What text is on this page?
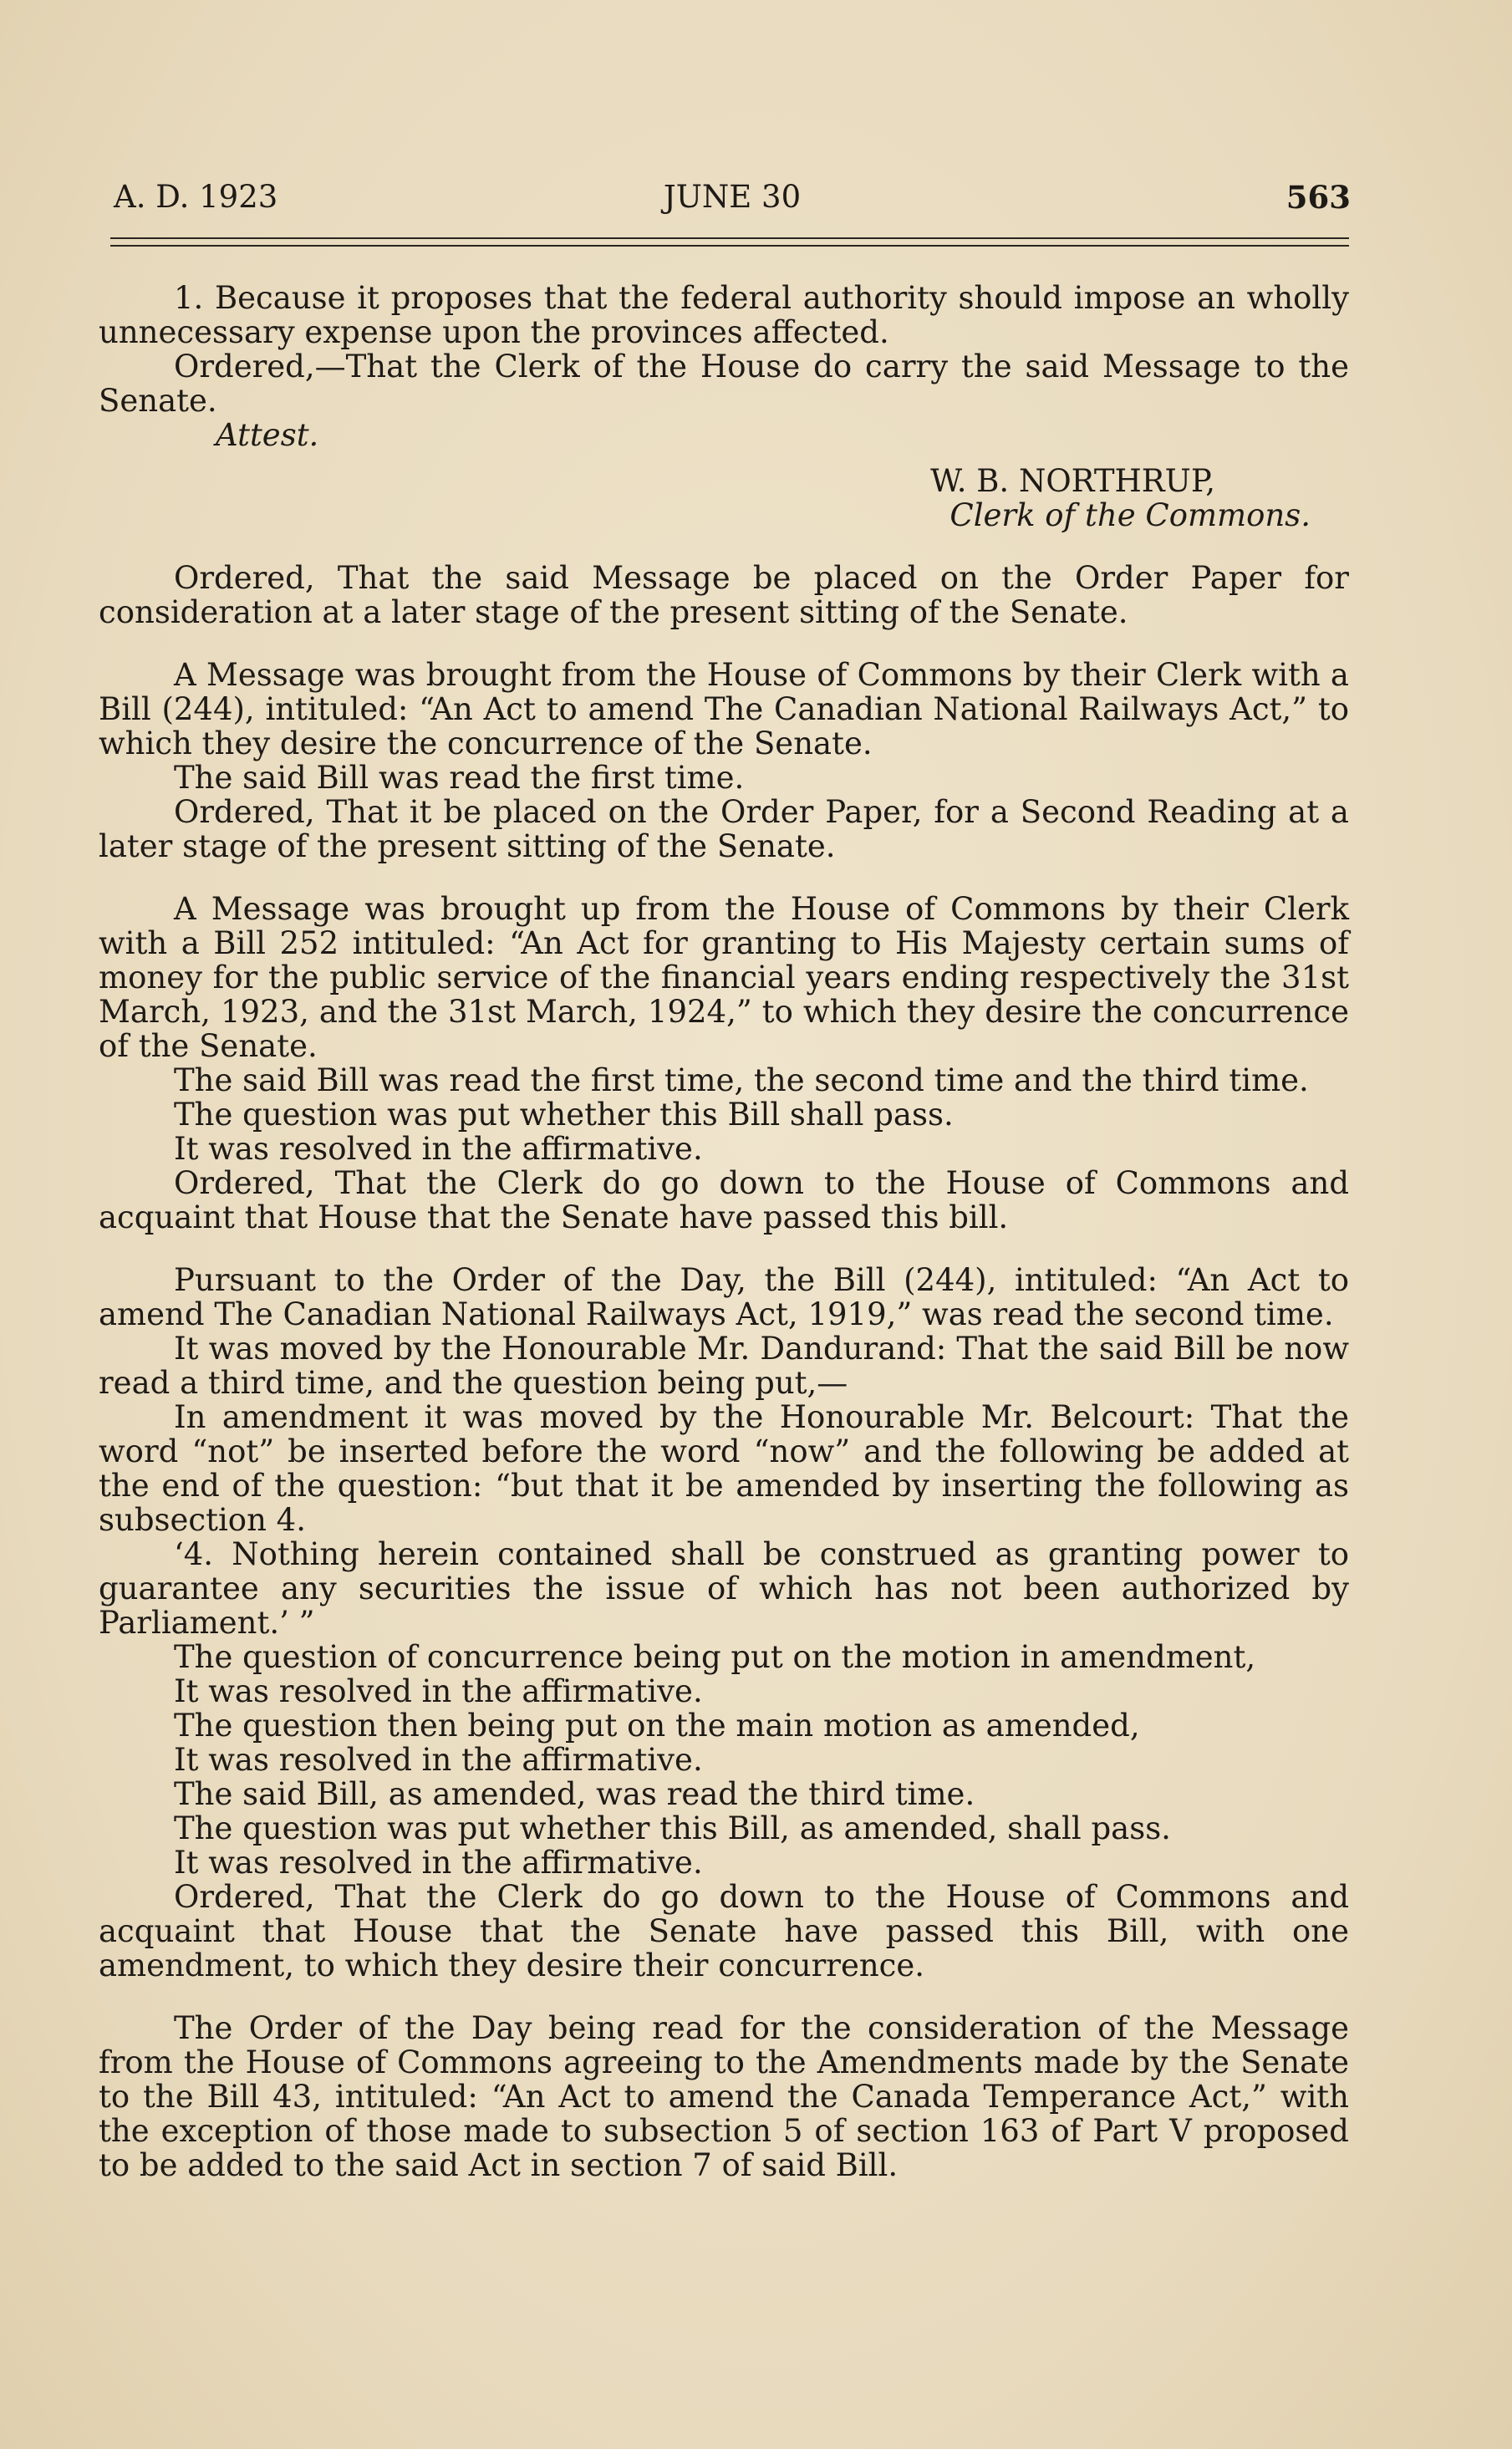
A. D. 1923	JUNE 30	563

1. Because it proposes that the federal authority should impose an wholly unnecessary expense upon the provinces affected.

Ordered,—That the Clerk of the House do carry the said Message to the Senate.

Attest.

W. B. NORTHRUP,

Clerk of the Commons.

Ordered, That the said Message be placed on the Order Paper for consideration at a later stage of the present sitting of the Senate.

A Message was brought from the House of Commons by their Clerk with a Bill (244), intituled: “An Act to amend The Canadian National Railways Act,” to which they desire the concurrence of the Senate.

The said Bill was read the first time.

Ordered, That it be placed on the Order Paper, for a Second Reading at a later stage of the present sitting of the Senate.

A Message was brought up from the House of Commons by their Clerk with a Bill 252 intituled: “An Act for granting to His Majesty certain sums of money for the public service of the financial years ending respectively the 31st March, 1923, and the 31st March, 1924,” to which they desire the concurrence of the Senate.

The said Bill was read the first time, the second time and the third time.

The question was put whether this Bill shall pass.

It was resolved in the affirmative.

Ordered, That the Clerk do go down to the House of Commons and acquaint that House that the Senate have passed this bill.

Pursuant to the Order of the Day, the Bill (244), intituled: “An Act to amend The Canadian National Railways Act, 1919,” was read the second time.

It was moved by the Honourable Mr. Dandurand: That the said Bill be now read a third time, and the question being put,—

In amendment it was moved by the Honourable Mr. Belcourt: That the word “not” be inserted before the word “now” and the following be added at the end of the question: “but that it be amended by inserting the following as subsection 4.

‘4. Nothing herein contained shall be construed as granting power to guarantee any securities the issue of which has not been authorized by Parliament.’ ”

The question of concurrence being put on the motion in amendment,

It was resolved in the affirmative.

The question then being put on the main motion as amended,

It was resolved in the affirmative.

The said Bill, as amended, was read the third time.

The question was put whether this Bill, as amended, shall pass.

It was resolved in the affirmative.

Ordered, That the Clerk do go down to the House of Commons and acquaint that House that the Senate have passed this Bill, with one amendment, to which they desire their concurrence.

The Order of the Day being read for the consideration of the Message from the House of Commons agreeing to the Amendments made by the Senate to the Bill 43, intituled: “An Act to amend the Canada Temperance Act,” with the exception of those made to subsection 5 of section 163 of Part V proposed to be added to the said Act in section 7 of said Bill.
